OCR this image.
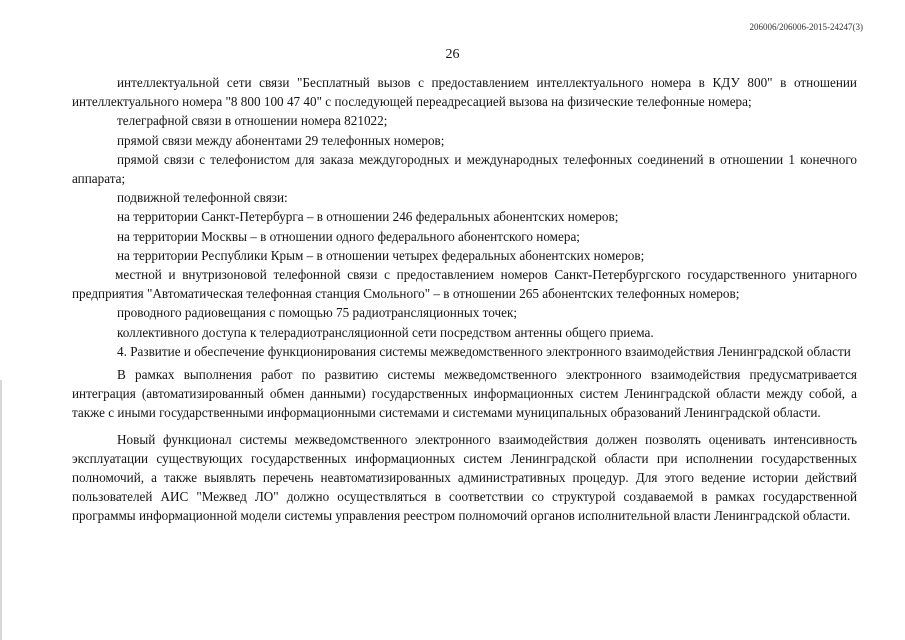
206006/206006-2015-24247(3)
26

интеллектуальной сети связи "Бесплатный вызов с предоставлением интеллектуального номера в КДУ 800" в отношении интеллектуального номера "8 800 100 47 40" с последующей переадресацией вызова на физические телефонные номера;

телеграфной связи в отношении номера 821022;

прямой связи между абонентами 29 телефонных номеров;

прямой связи с телефонистом для заказа междугородных и международных телефонных соединений в отношении 1 конечного аппарата;

подвижной телефонной связи:

на территории Санкт-Петербурга – в отношении 246 федеральных абонентских номеров;

на территории Москвы – в отношении одного федерального абонентского номера;

на территории Республики Крым – в отношении четырех федеральных абонентских номеров;

местной и внутризоновой телефонной связи с предоставлением номеров Санкт-Петербургского государственного унитарного предприятия "Автоматическая телефонная станция Смольного" – в отношении 265 абонентских телефонных номеров;

проводного радиовещания с помощью 75 радиотрансляционных точек;

коллективного доступа к телерадиотрансляционной сети посредством антенны общего приема.

4. Развитие и обеспечение функционирования системы межведомственного электронного взаимодействия Ленинградской области

В рамках выполнения работ по развитию системы межведомственного электронного взаимодействия предусматривается интеграция (автоматизированный обмен данными) государственных информационных систем Ленинградской области между собой, а также с иными государственными информационными системами и системами муниципальных образований Ленинградской области.

Новый функционал системы межведомственного электронного взаимодействия должен позволять оценивать интенсивность эксплуатации существующих государственных информационных систем Ленинградской области при исполнении государственных полномочий, а также выявлять перечень неавтоматизированных административных процедур. Для этого ведение истории действий пользователей АИС "Межвед ЛО" должно осуществляться в соответствии со структурой создаваемой в рамках государственной программы информационной модели системы управления реестром полномочий органов исполнительной власти Ленинградской области.
